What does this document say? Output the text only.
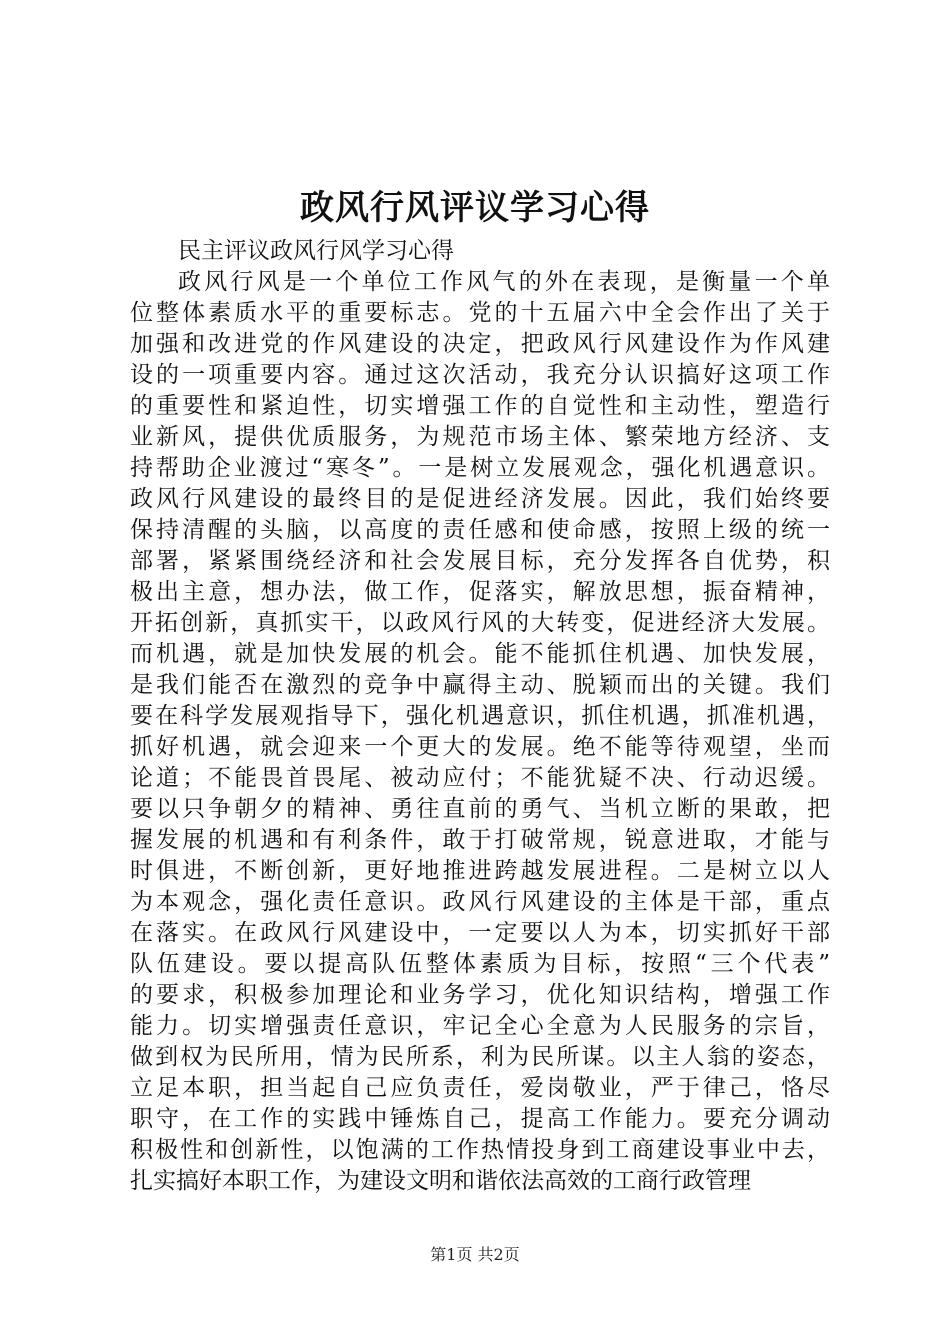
政风行风评议学习心得
民主评议政风行风学习心得
政风行风是一个单位工作风气的外在表现，是衡量一个单
位整体素质水平的重要标志。党的十五届六中全会作出了关于
加强和改进党的作风建设的决定，把政风行风建设作为作风建
设的一项重要内容。通过这次活动，我充分认识搞好这项工作
的重要性和紧迫性，切实增强工作的自觉性和主动性，塑造行
业新风，提供优质服务，为规范市场主体、繁荣地方经济、支
持帮助企业渡过“寒冬”。一是树立发展观念，强化机遇意识。
政风行风建设的最终目的是促进经济发展。因此，我们始终要
保持清醒的头脑，以高度的责任感和使命感，按照上级的统一
部署，紧紧围绕经济和社会发展目标，充分发挥各自优势，积
极出主意，想办法，做工作，促落实，解放思想，振奋精神，
开拓创新，真抓实干，以政风行风的大转变，促进经济大发展。
而机遇，就是加快发展的机会。能不能抓住机遇、加快发展，
是我们能否在激烈的竞争中赢得主动、脱颖而出的关键。我们
要在科学发展观指导下，强化机遇意识，抓住机遇，抓准机遇，
抓好机遇，就会迎来一个更大的发展。绝不能等待观望，坐而
论道；不能畏首畏尾、被动应付；不能犹疑不决、行动迟缓。
要以只争朝夕的精神、勇往直前的勇气、当机立断的果敢，把
握发展的机遇和有利条件，敢于打破常规，锐意进取，才能与
时俱进，不断创新，更好地推进跨越发展进程。二是树立以人
为本观念，强化责任意识。政风行风建设的主体是干部，重点
在落实。在政风行风建设中，一定要以人为本，切实抓好干部
队伍建设。要以提高队伍整体素质为目标，按照“三个代表”
的要求，积极参加理论和业务学习，优化知识结构，增强工作
能力。切实增强责任意识，牢记全心全意为人民服务的宗旨，
做到权为民所用，情为民所系，利为民所谋。以主人翁的姿态，
立足本职，担当起自己应负责任，爱岗敬业，严于律己，恪尽
职守，在工作的实践中锤炼自己，提高工作能力。要充分调动
积极性和创新性，以饱满的工作热情投身到工商建设事业中去，
扎实搞好本职工作，为建设文明和谐依法高效的工商行政管理
第1页 共2页
